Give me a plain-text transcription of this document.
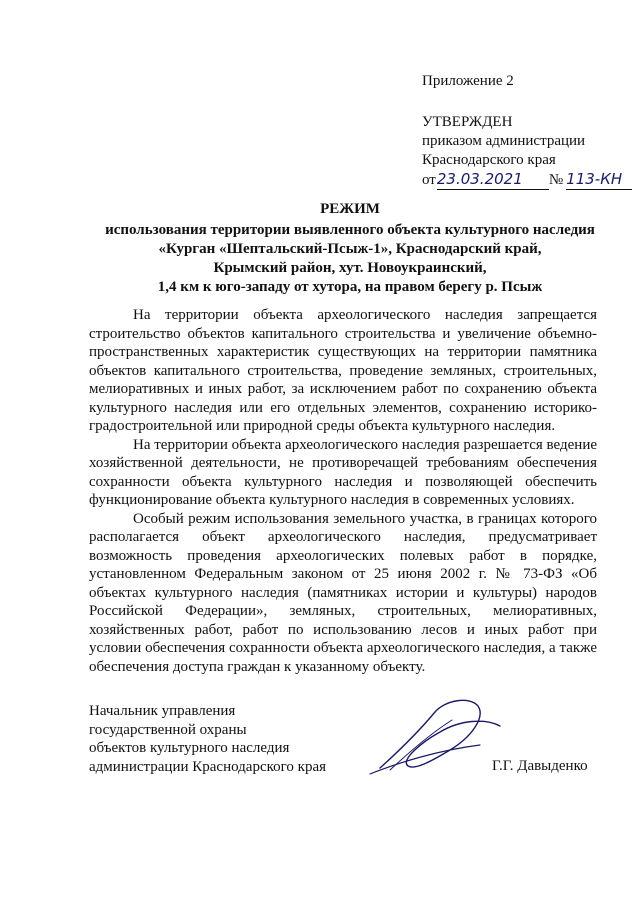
Приложение 2
УТВЕРЖДЕН
приказом администрации
Краснодарского края
от23.03.2021 № 113-КН
РЕЖИМ
использования территории выявленного объекта культурного наследия
«Курган «Шептальский-Псыж-1», Краснодарский край,
Крымский район, хут. Новоукраинский,
1,4 км к юго-западу от хутора, на правом берегу р. Псыж

На территории объекта археологического наследия запрещается строительство объектов капитального строительства и увеличение объемно-пространственных характеристик существующих на территории памятника объектов капитального строительства, проведение земляных, строительных, мелиоративных и иных работ, за исключением работ по сохранению объекта культурного наследия или его отдельных элементов, сохранению историко-градостроительной или природной среды объекта культурного наследия.

На территории объекта археологического наследия разрешается ведение хозяйственной деятельности, не противоречащей требованиям обеспечения сохранности объекта культурного наследия и позволяющей обеспечить функционирование объекта культурного наследия в современных условиях.

Особый режим использования земельного участка, в границах которого располагается объект археологического наследия, предусматривает возможность проведения археологических полевых работ в порядке, установленном Федеральным законом от 25 июня 2002 г. № 73-ФЗ «Об объектах культурного наследия (памятниках истории и культуры) народов Российской Федерации», земляных, строительных, мелиоративных, хозяйственных работ, работ по использованию лесов и иных работ при условии обеспечения сохранности объекта археологического наследия, а также обеспечения доступа граждан к указанному объекту.

Начальник управления
государственной охраны
объектов культурного наследия
администрации Краснодарского края	Г.Г. Давыденко
